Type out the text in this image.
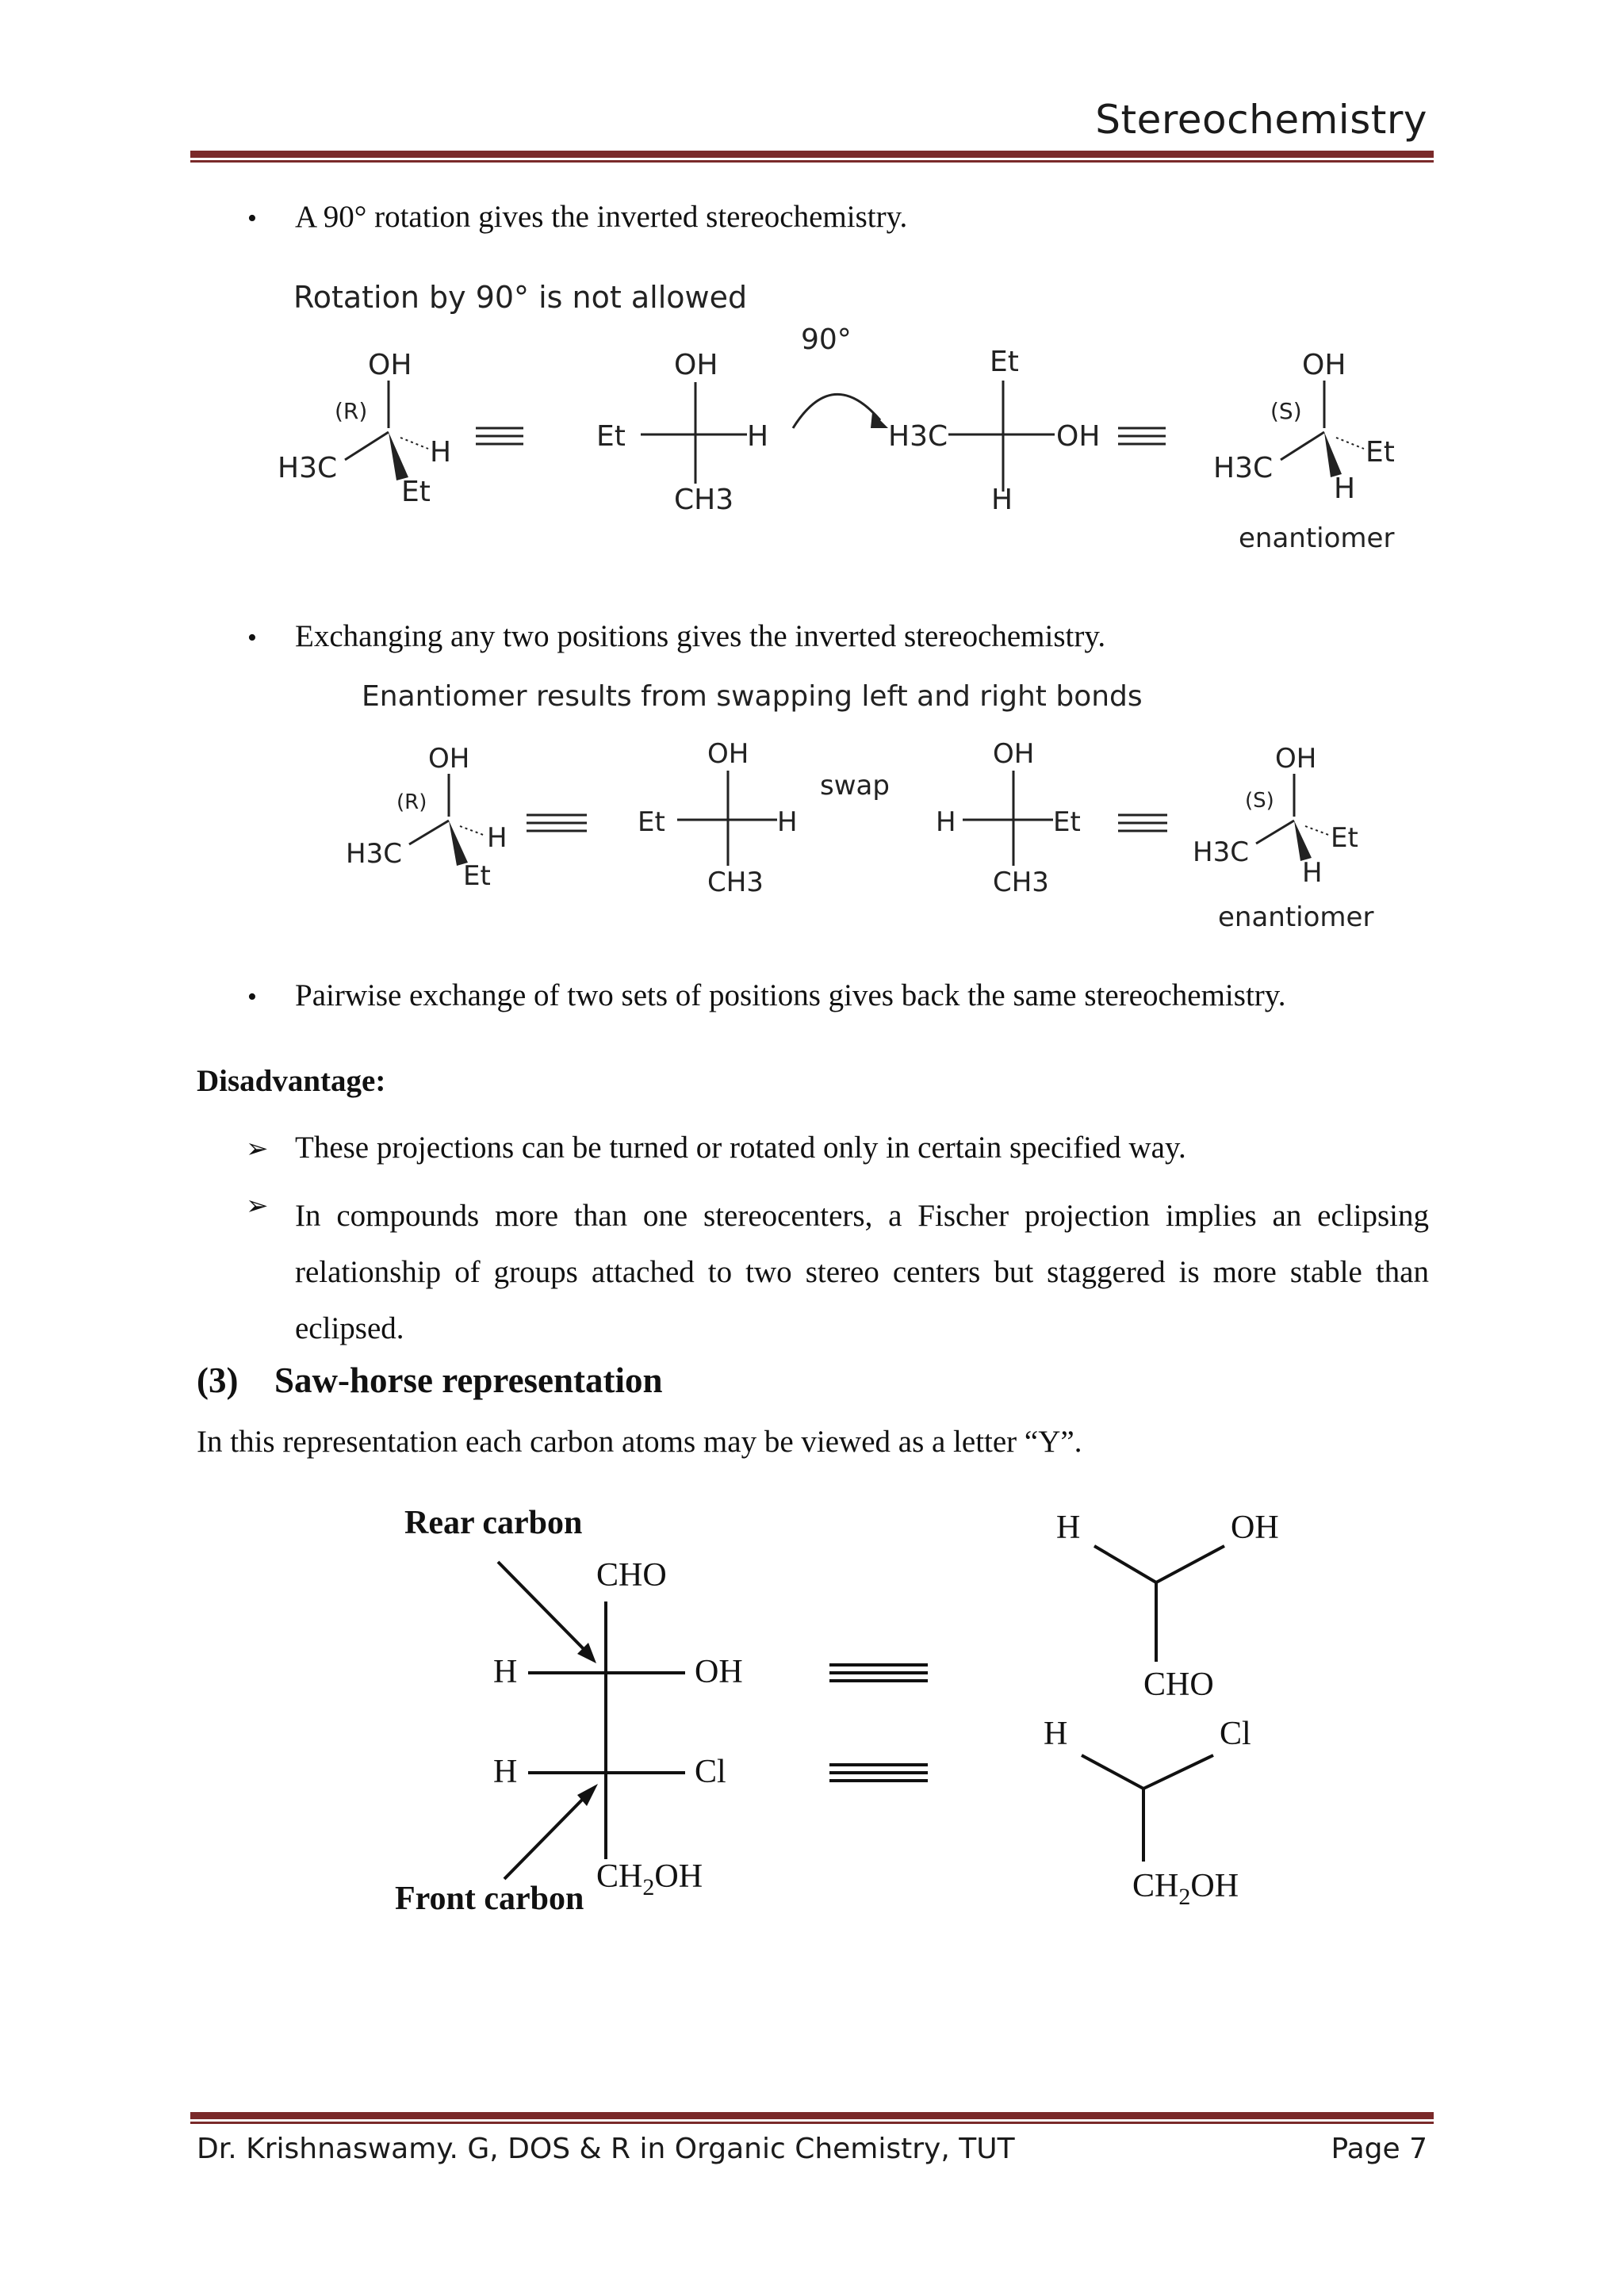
Stereochemistry
• A 90° rotation gives the inverted stereochemistry.
Rotation by 90° is not allowed
OH
(R)
H3C
Et
H
OH
Et	H
CH3
90°
Et
H3C	OH
H
OH
(S)
H3C
H
Et
enantiomer
• Exchanging any two positions gives the inverted stereochemistry.
Enantiomer results from swapping left and right bonds
OH
(R)
H3C
Et
H
OH
Et	H
CH3
swap
OH
H	Et
CH3
OH
(S)
H3C
H
Et
enantiomer
• Pairwise exchange of two sets of positions gives back the same stereochemistry.
Disadvantage:
➢ These projections can be turned or rotated only in certain specified way.
➢ In compounds more than one stereocenters, a Fischer projection implies an eclipsing relationship of groups attached to two stereo centers but staggered is more stable than eclipsed.
(3) Saw-horse representation
In this representation each carbon atoms may be viewed as a letter “Y”.
Rear carbon
Front carbon
CHO
H	OH
H	Cl
$CH_2OH$
H	OH
CHO
H	Cl
$CH_2OH$
Dr. Krishnaswamy. G, DOS & R in Organic Chemistry, TUT	Page 7
